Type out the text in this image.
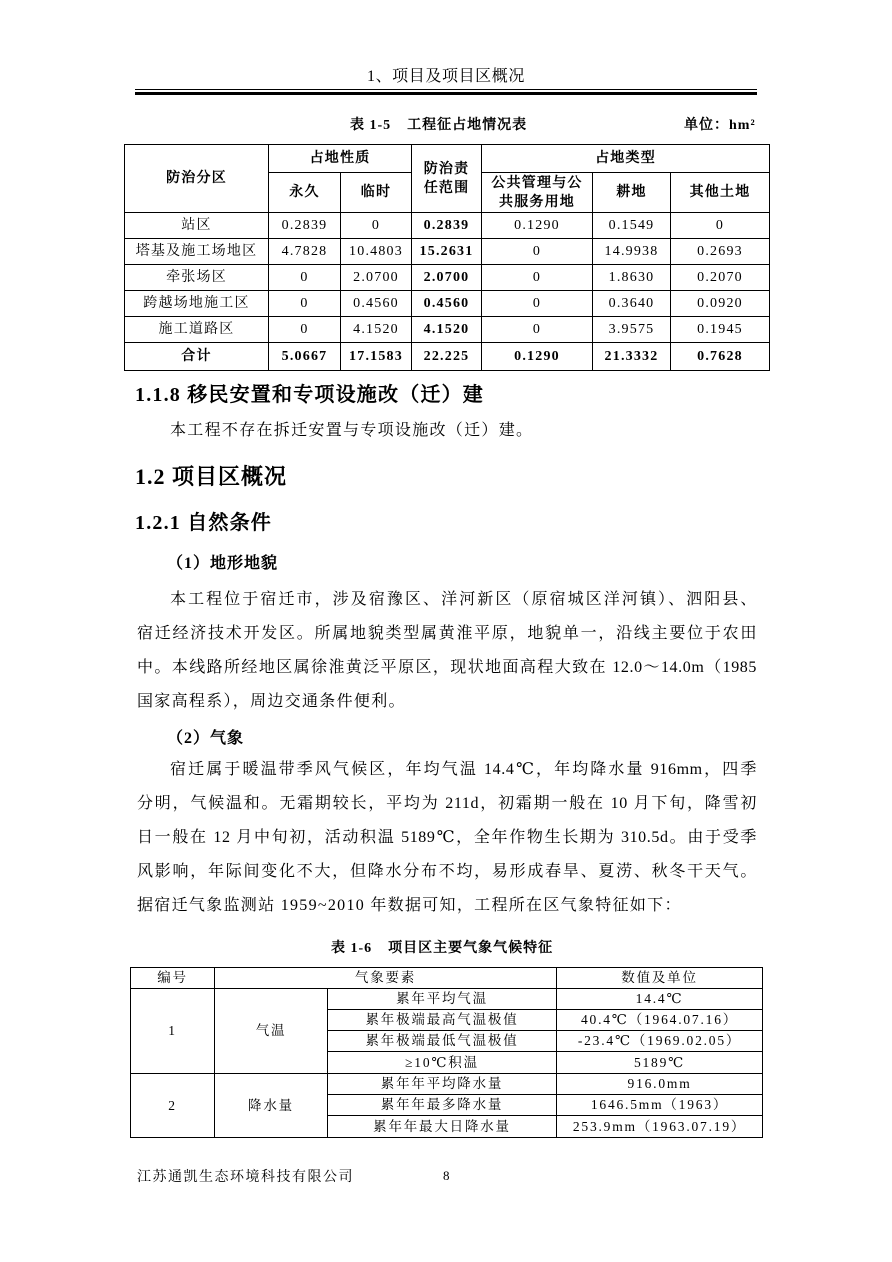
1、项目及项目区概况
表 1-5 工程征占地情况表	单位：hm²
防治分区	占地性质		防治责任范围	占地类型		
	永久	临时		公共管理与公共服务用地	耕地	其他土地
站区	0.2839	0	0.2839	0.1290	0.1549	0
塔基及施工场地区	4.7828	10.4803	15.2631	0	14.9938	0.2693
牵张场区	0	2.0700	2.0700	0	1.8630	0.2070
跨越场地施工区	0	0.4560	0.4560	0	0.3640	0.0920
施工道路区	0	4.1520	4.1520	0	3.9575	0.1945
合计	5.0667	17.1583	22.225	0.1290	21.3332	0.7628
1.1.8 移民安置和专项设施改（迁）建
本工程不存在拆迁安置与专项设施改（迁）建。
1.2 项目区概况
1.2.1 自然条件
（1）地形地貌
本工程位于宿迁市，涉及宿豫区、洋河新区（原宿城区洋河镇）、泗阳县、
宿迁经济技术开发区。所属地貌类型属黄淮平原，地貌单一，沿线主要位于农田
中。本线路所经地区属徐淮黄泛平原区，现状地面高程大致在 12.0～14.0m（1985
国家高程系），周边交通条件便利。
（2）气象
宿迁属于暖温带季风气候区，年均气温 14.4℃，年均降水量 916mm，四季
分明，气候温和。无霜期较长，平均为 211d，初霜期一般在 10 月下旬，降雪初
日一般在 12 月中旬初，活动积温 5189℃，全年作物生长期为 310.5d。由于受季
风影响，年际间变化不大，但降水分布不均，易形成春旱、夏涝、秋冬干天气。
据宿迁气象监测站 1959~2010 年数据可知，工程所在区气象特征如下：
表 1-6 项目区主要气象气候特征
编号	气象要素		数值及单位
1	气温	累年平均气温	14.4℃
		累年极端最高气温极值	40.4℃（1964.07.16）
		累年极端最低气温极值	-23.4℃（1969.02.05）
		≥10℃积温	5189℃
2	降水量	累年年平均降水量	916.0mm
		累年年最多降水量	1646.5mm（1963）
		累年年最大日降水量	253.9mm（1963.07.19）
江苏通凯生态环境科技有限公司	8
